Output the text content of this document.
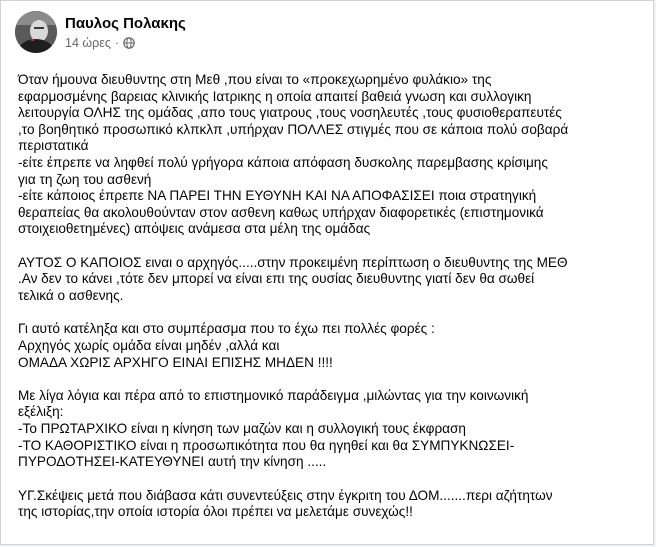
Παυλος Πολακης
14 ώρες ·
Όταν ήμουνα διευθυντης στη Μεθ ,που είναι το «προκεχωρημένο φυλάκιο» της
εφαρμοσμένης βαρειας κλινικής Ιατρικης η οποία απαιτεί βαθειά γνωση και συλλογικη
λειτουργία ΟΛΗΣ της ομάδας ,απο τους γιατρους ,τους νοσηλευτές ,τους φυσιοθεραπευτές
,το βοηθητικό προσωπικό κλπκλπ ,υπήρχαν ΠΟΛΛΕΣ στιγμές που σε κάποια πολύ σοβαρά
περιστατικά
-είτε έπρεπε να ληφθεί πολύ γρήγορα κάποια απόφαση δυσκολης παρεμβασης κρίσιμης
για τη ζωη του ασθενή
-είτε κάποιος έπρεπε ΝΑ ΠΑΡΕΙ ΤΗΝ ΕΥΘΥΝΗ ΚΑΙ ΝΑ ΑΠΟΦΑΣΙΣΕΙ ποια στρατηγική
θεραπείας θα ακολουθούνταν στον ασθενη καθως υπήρχαν διαφορετικές (επιστημονικά
στοιχειοθετημένες) απόψεις ανάμεσα στα μέλη της ομάδας
ΑΥΤΟΣ Ο ΚΑΠΟΙΟΣ ειναι ο αρχηγός.....στην προκειμένη περίπτωση ο διευθυντης της ΜΕΘ
.Αν δεν το κάνει ,τότε δεν μπορεί να είναι επι της ουσίας διευθυντης γιατί δεν θα σωθεί
τελικά ο ασθενης.
Γι αυτό κατέληξα και στο συμπέρασμα που το έχω πει πολλές φορές :
Αρχηγός χωρίς ομάδα είναι μηδέν ,αλλά και
ΟΜΑΔΑ ΧΩΡΙΣ ΑΡΧΗΓΟ ΕΙΝΑΙ ΕΠΙΣΗΣ ΜΗΔΕΝ !!!!
Με λίγα λόγια και πέρα από το επιστημονικό παράδειγμα ,μιλώντας για την κοινωνική
εξέλιξη:
-Το ΠΡΩΤΑΡΧΙΚΟ είναι η κίνηση των μαζών και η συλλογική τους έκφραση
-ΤΟ ΚΑΘΟΡΙΣΤΙΚΟ είναι η προσωπικότητα που θα ηγηθεί και θα ΣΥΜΠΥΚΝΩΣΕΙ-
ΠΥΡΟΔΟΤΗΣΕΙ-ΚΑΤΕΥΘΥΝΕΙ αυτή την κίνηση .....
ΥΓ.Σκέψεις μετά που διάβασα κάτι συνεντεύξεις στην έγκριτη του ΔΟΜ.......περι αζήτητων
της ιστορίας,την οποία ιστορία όλοι πρέπει να μελετάμε συνεχώς!!
